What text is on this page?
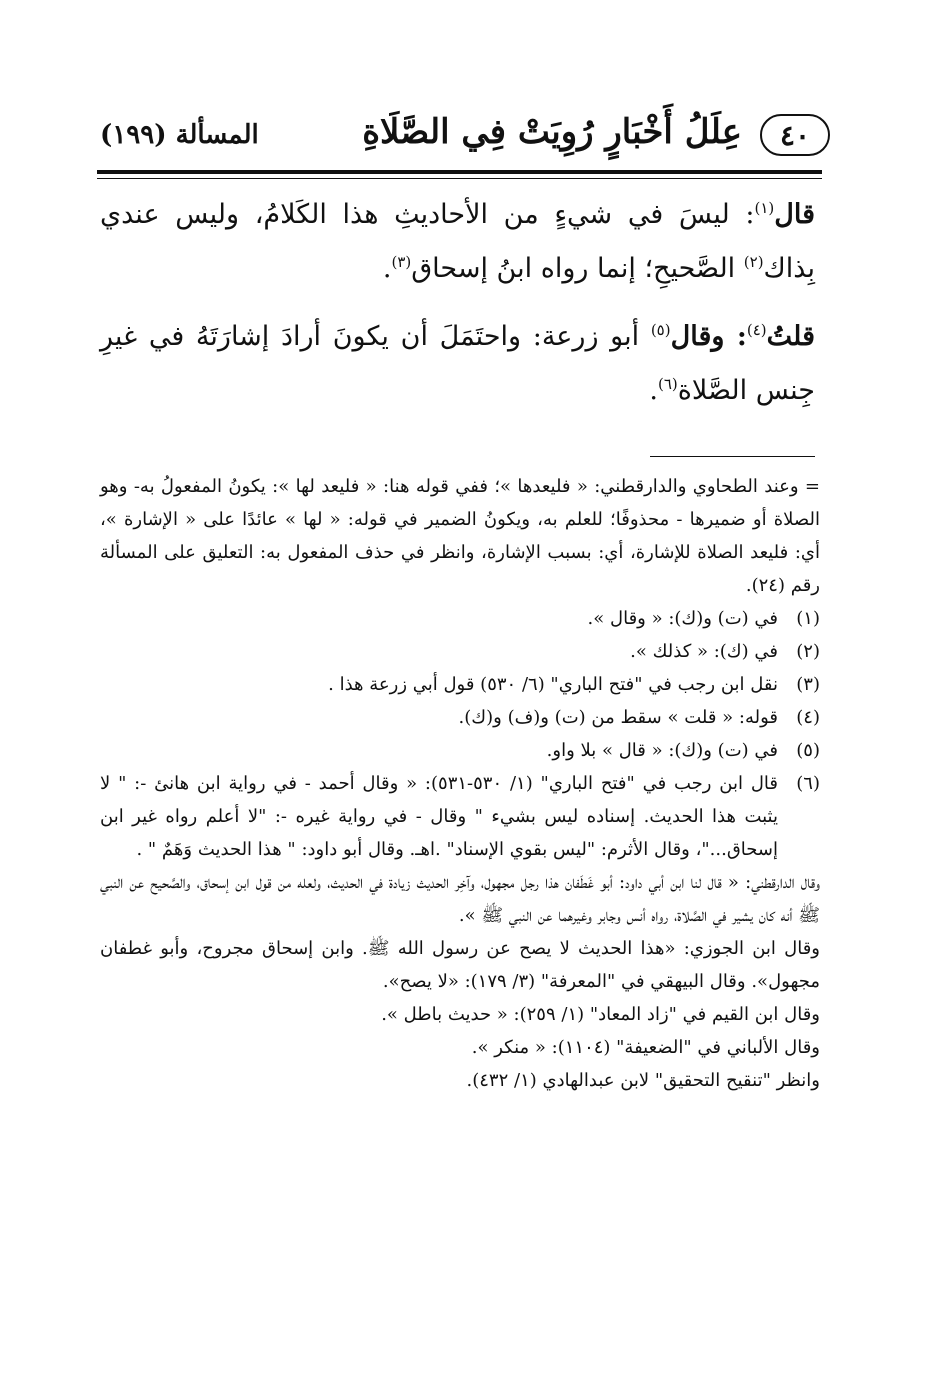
٤٠
عِلَلُ أَخْبَارٍ رُوِيَتْ فِي الصَّلَاةِ
المسألة (١٩٩)

قال$^{(١)}$: ليسَ في شيءٍ من الأحاديثِ هذا الكَلامُ، وليس عندي بِذاك$^{(٢)}$ الصَّحيحِ؛ إنما رواه ابنُ إسحاق$^{(٣)}$.

قلتُ$^{(٤)}$: وقال$^{(٥)}$ أبو زرعة: واحتَمَلَ أن يكونَ أرادَ إشارَتَهُ في غيرِ جِنس الصَّلاة$^{(٦)}$.

= وعند الطحاوي والدارقطني: « فليعدها »؛ ففي قوله هنا: « فليعد لها »: يكونُ المفعولُ به- وهو الصلاة أو ضميرها - محذوفًا؛ للعلم به، ويكونُ الضمير في قوله: « لها » عائدًا على « الإشارة »، أي: فليعد الصلاة للإشارة، أي: بسبب الإشارة، وانظر في حذف المفعول به: التعليق على المسألة رقم (٢٤).

(١)
في (ت) و(ك): « وقال ».
(٢)
في (ك): « كذلك ».
(٣)
نقل ابن رجب في "فتح الباري" (٦/ ٥٣٠) قول أبي زرعة هذا .
(٤)
قوله: « قلت » سقط من (ت) و(ف) و(ك).
(٥)
في (ت) و(ك): « قال » بلا واو.
(٦)
قال ابن رجب في "فتح الباري" (١/ ٥٣٠-٥٣١): « وقال أحمد - في رواية ابن هانئ -: " لا يثبت هذا الحديث. إسناده ليس بشيء " وقال - في رواية غيره -: "لا أعلم رواه غير ابن إسحاق..."، وقال الأثرم: "ليس بقوي الإسناد" .اهـ. وقال أبو داود: " هذا الحديث وَهَمٌ " .

وقال الدارقطني: « قال لنا ابن أبي داود: أبو غَطَفان هذا رجل مجهول، وآخِر الحديث زيادة في الحديث، ولعله من قول ابن إسحاق، والصَّحيح عن النبي ﷺ أنه كان يشير في الصَّلاة، رواه أنس وجابر وغيرهما عن النبي ﷺ ».

وقال ابن الجوزي: «هذا الحديث لا يصح عن رسول الله ﷺ. وابن إسحاق مجروح، وأبو غطفان مجهول». وقال البيهقي في "المعرفة" (٣/ ١٧٩): «لا يصح».

وقال ابن القيم في "زاد المعاد" (١/ ٢٥٩): « حديث باطل ».

وقال الألباني في "الضعيفة" (١١٠٤): « منكر ».

وانظر "تنقيح التحقيق" لابن عبدالهادي (١/ ٤٣٢).
